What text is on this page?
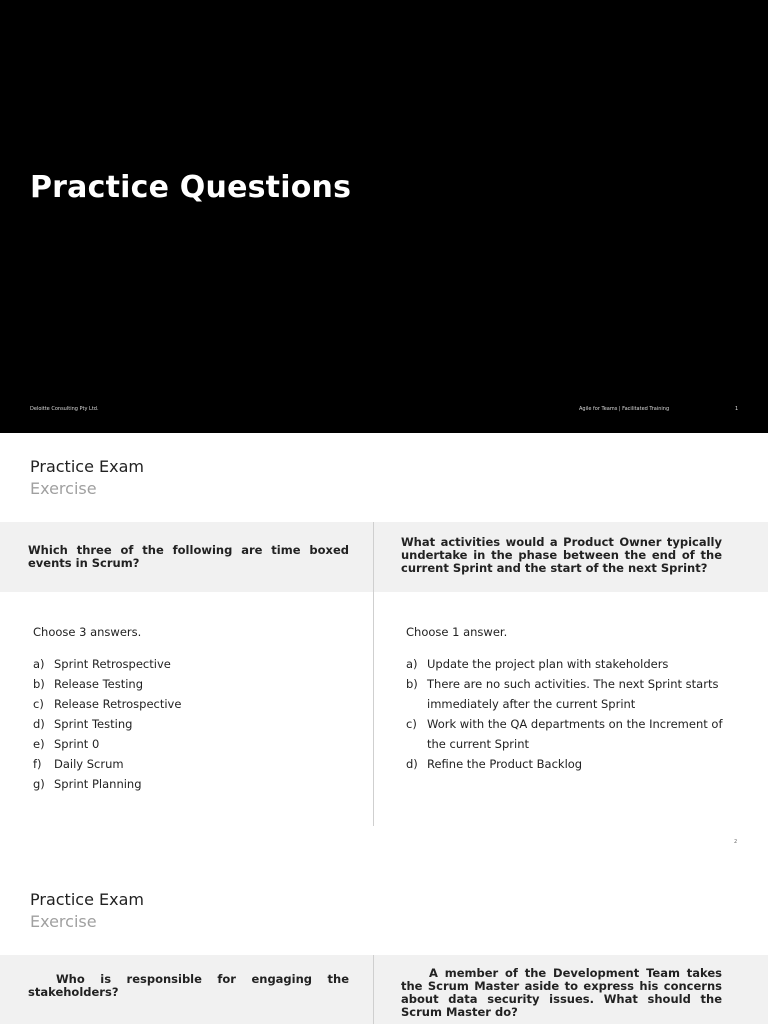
Practice Questions
Deloitte Consulting Pty Ltd.	Agile for Teams | Facilitated Training	1
Practice Exam
Exercise
Which three of the following are time boxed events in Scrum?
What activities would a Product Owner typically undertake in the phase between the end of the current Sprint and the start of the next Sprint?
Choose 3 answers.	Choose 1 answer.
a) Sprint Retrospective
b) Release Testing
c) Release Retrospective
d) Sprint Testing
e) Sprint 0
f)	Daily Scrum
g) Sprint Planning
a) Update the project plan with stakeholders
b) There are no such activities. The next Sprint starts immediately after the current Sprint
c) Work with the QA departments on the Increment of the current Sprint
d) Refine the Product Backlog
2
Practice Exam
Exercise
Who is responsible for engaging the stakeholders?
A member of the Development Team takes the Scrum Master aside to express his concerns about data security issues. What should the Scrum Master do?
